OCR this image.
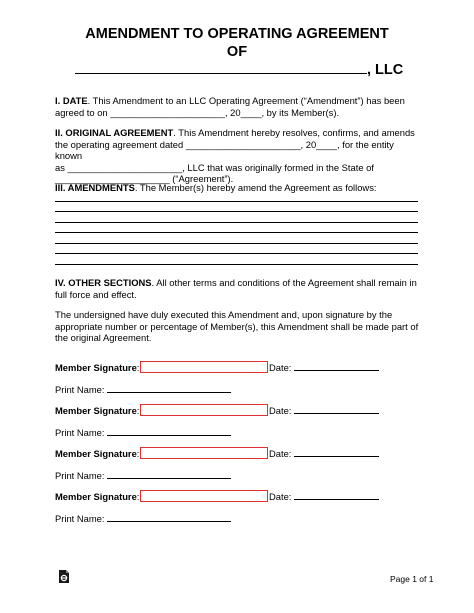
AMENDMENT TO OPERATING AGREEMENT
OF
, LLC
I. DATE. This Amendment to an LLC Operating Agreement (“Amendment”) has been
agreed to on ______________________, 20____, by its Member(s).
II. ORIGINAL AGREEMENT. This Amendment hereby resolves, confirms, and amends
the operating agreement dated ______________________, 20____, for the entity known
as ______________________, LLC that was originally formed in the State of
______________________ (“Agreement”).
III. AMENDMENTS. The Member(s) hereby amend the Agreement as follows:
IV. OTHER SECTIONS. All other terms and conditions of the Agreement shall remain in
full force and effect.
The undersigned have duly executed this Amendment and, upon signature by the
appropriate number or percentage of Member(s), this Amendment shall be made part of
the original Agreement.
Member Signature:	Date:
Print Name:
Member Signature:	Date:
Print Name:
Member Signature:	Date:
Print Name:
Member Signature:	Date:
Print Name:
Page 1 of 1
